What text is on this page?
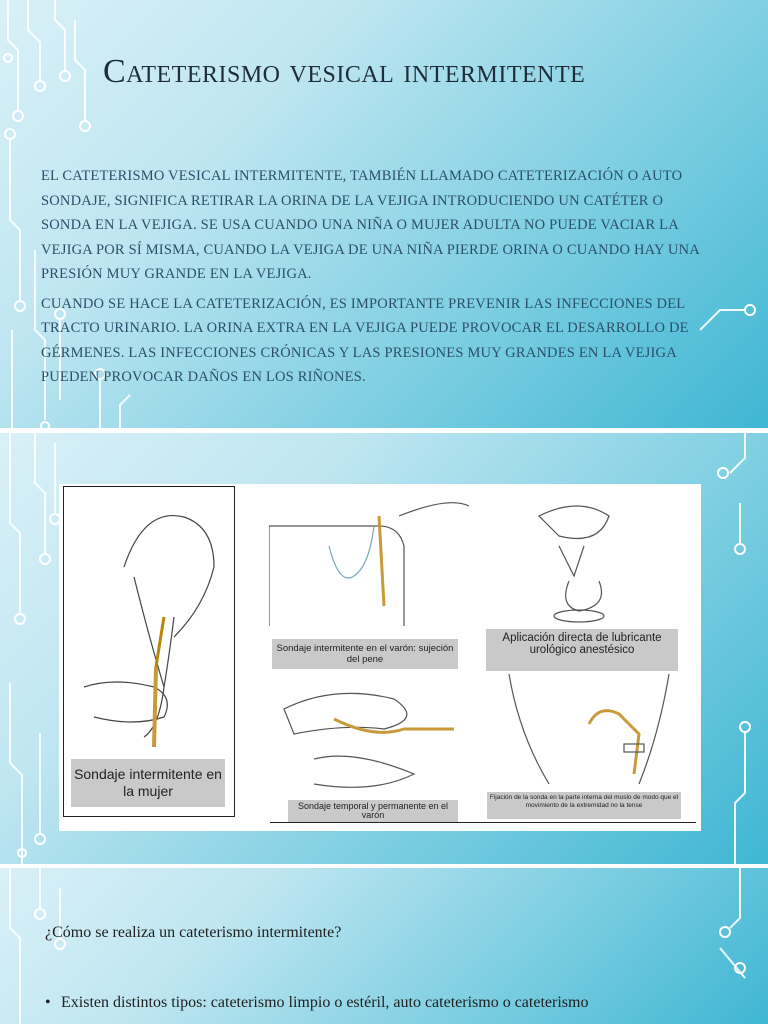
Cateterismo vesical intermitente

EL CATETERISMO VESICAL INTERMITENTE, TAMBIÉN LLAMADO CATETERIZACIÓN O AUTO SONDAJE, SIGNIFICA RETIRAR LA ORINA DE LA VEJIGA INTRODUCIENDO UN CATÉTER O SONDA EN LA VEJIGA. SE USA CUANDO UNA NIÑA O MUJER ADULTA NO PUEDE VACIAR LA VEJIGA POR SÍ MISMA, CUANDO LA VEJIGA DE UNA NIÑA PIERDE ORINA O CUANDO HAY UNA PRESIÓN MUY GRANDE EN LA VEJIGA.

CUANDO SE HACE LA CATETERIZACIÓN, ES IMPORTANTE PREVENIR LAS INFECCIONES DEL TRACTO URINARIO. LA ORINA EXTRA EN LA VEJIGA PUEDE PROVOCAR EL DESARROLLO DE GÉRMENES. LAS INFECCIONES CRÓNICAS Y LAS PRESIONES MUY GRANDES EN LA VEJIGA PUEDEN PROVOCAR DAÑOS EN LOS RIÑONES.

Sondaje intermitente en la mujer
Sondaje intermitente en el varón: sujeción del pene
Aplicación directa de lubricante urológico anestésico
Sondaje temporal y permanente en el varón
Fijación de la sonda en la parte interna del muslo de modo que el movimiento de la extremidad no la tense
¿Cómo se realiza un cateterismo intermitente?
• Existen distintos tipos: cateterismo limpio o estéril, auto cateterismo o cateterismo
